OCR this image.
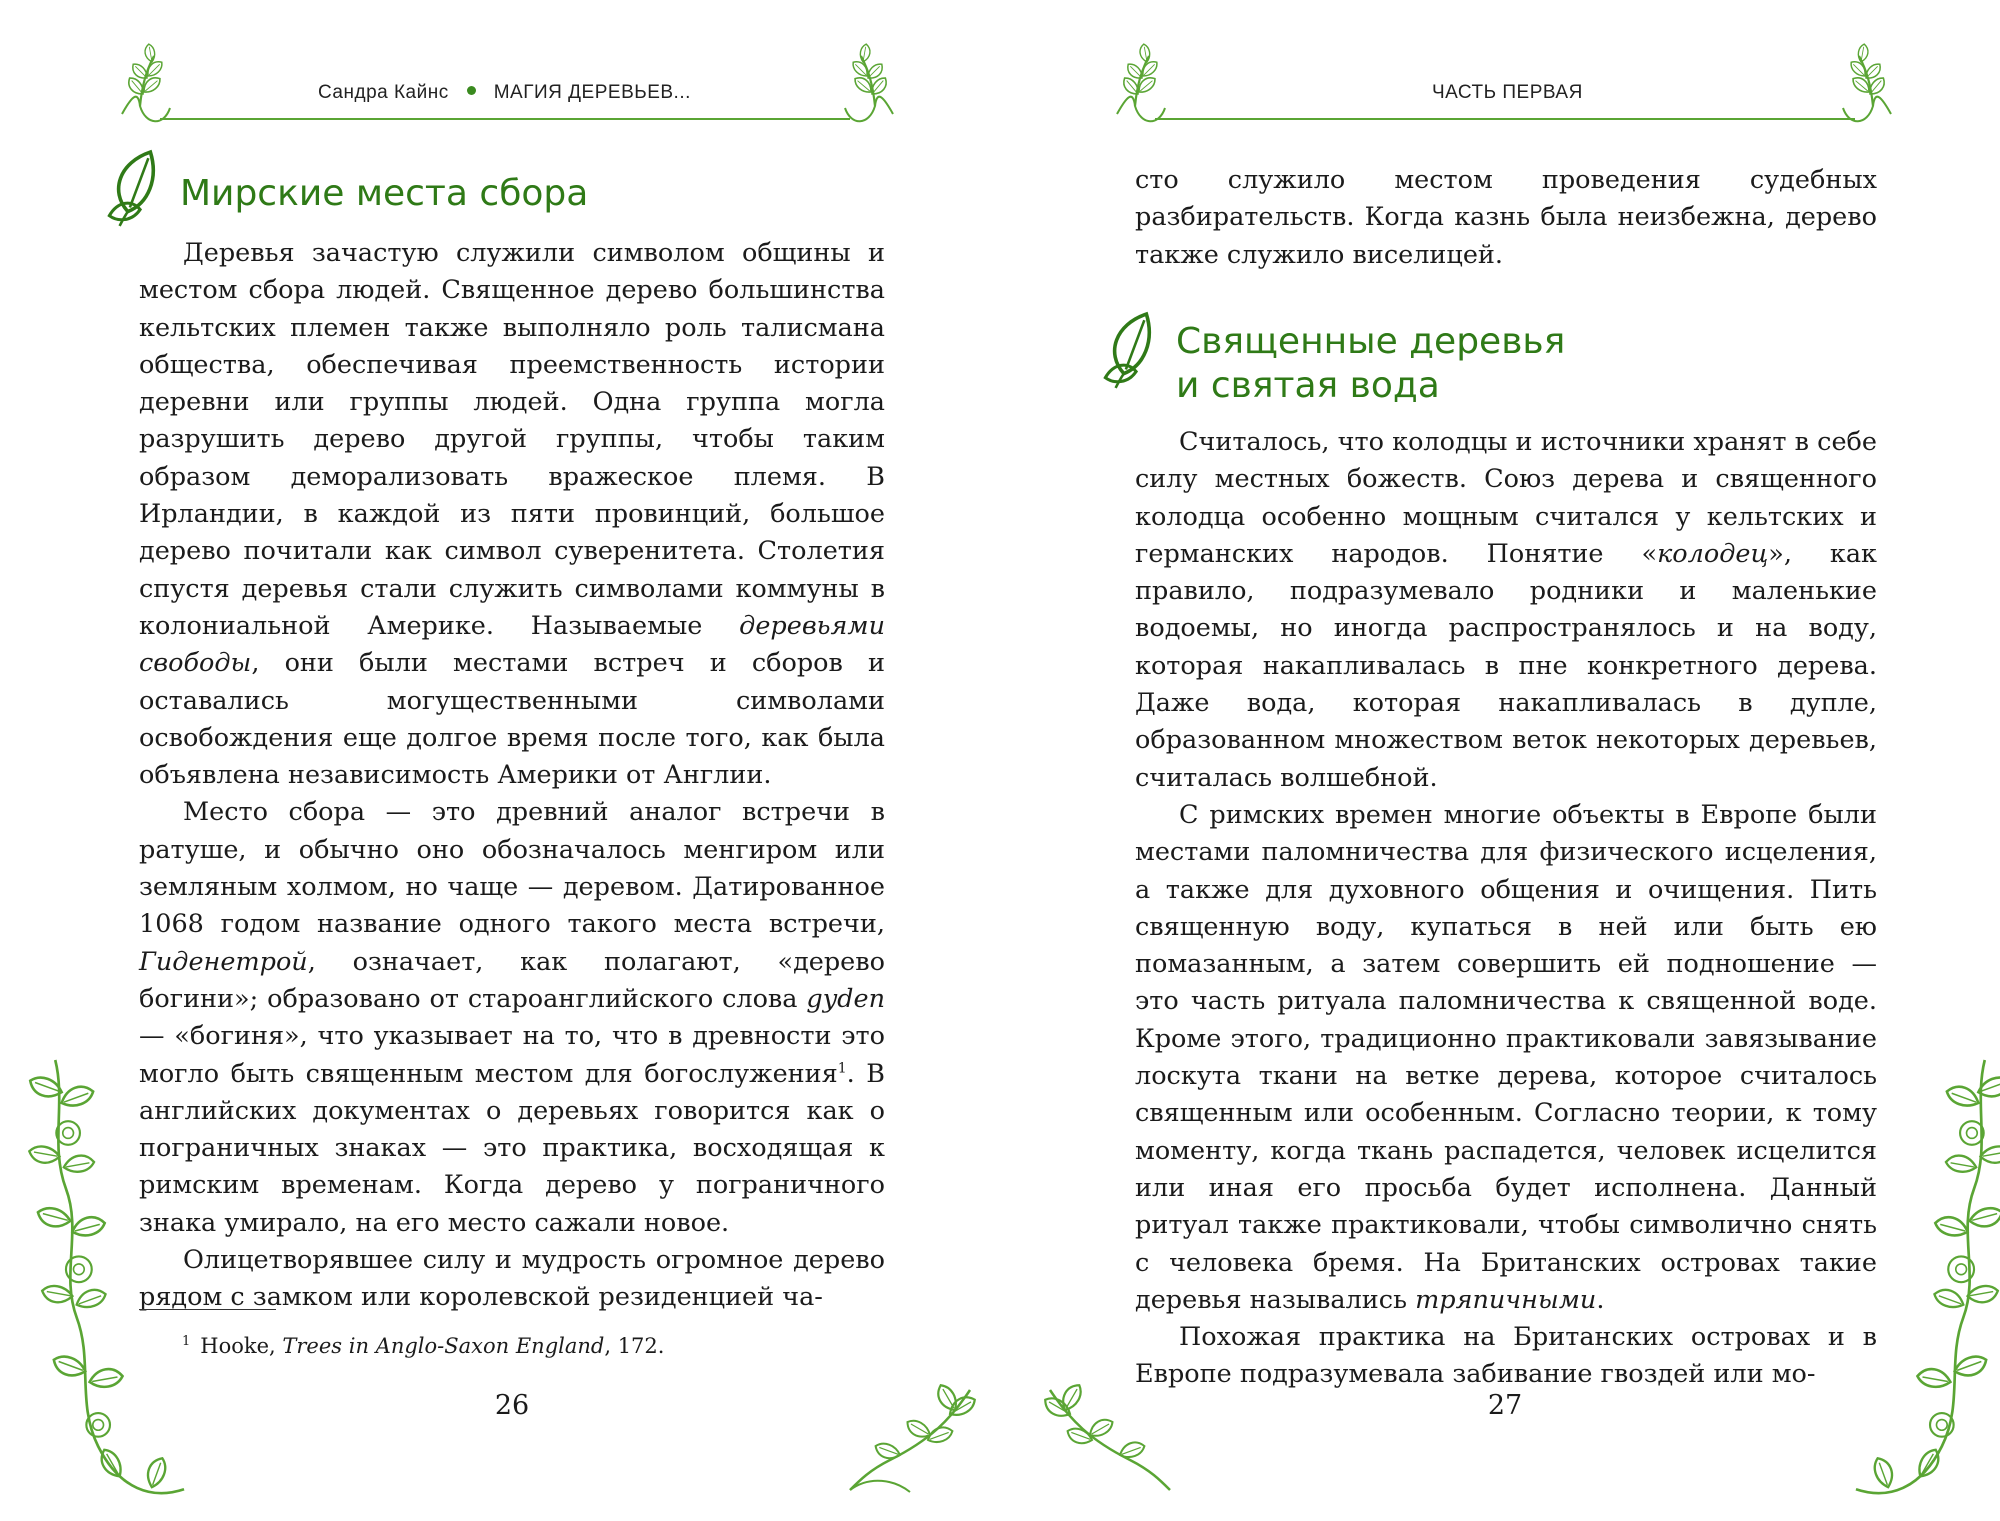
Сандра Кайнс МАГИЯ ДЕРЕВЬЕВ...
Мирские места сбора

Деревья зачастую служили символом общины и местом сбора людей. Священное дерево большинства кельтских племен также выполняло роль талисмана общества, обеспечивая преемственность истории деревни или группы людей. Одна группа могла разрушить дерево другой группы, чтобы таким образом деморализовать вражеское племя. В Ирландии, в каждой из пяти провинций, большое дерево почитали как символ суверенитета. Столетия спустя деревья стали служить символами коммуны в колониальной Америке. Называемые деревьями свободы, они были местами встреч и сборов и оставались могущественными символами освобождения еще долгое время после того, как была объявлена независимость Америки от Англии.

Место сбора — это древний аналог встречи в ратуше, и обычно оно обозначалось менгиром или земляным холмом, но чаще — деревом. Датированное 1068 годом название одного такого места встречи, Гиденетрой, означает, как полагают, «дерево богини»; образовано от староанглийского слова gyden — «богиня», что указывает на то, что в древности это могло быть священным местом для богослужения$^1$. В английских документах о деревьях говорится как о пограничных знаках — это практика, восходящая к римским временам. Когда дерево у пограничного знака умирало, на его место сажали новое.

Олицетворявшее силу и мудрость огромное дерево рядом с замком или королевской резиденцией ча-

$^1$ Hooke, Trees in Anglo-Saxon England, 172.
26
ЧАСТЬ ПЕРВАЯ

сто служило местом проведения судебных разбирательств. Когда казнь была неизбежна, дерево также служило виселицей.

Священные деревья
и святая вода

Считалось, что колодцы и источники хранят в себе силу местных божеств. Союз дерева и священного колодца особенно мощным считался у кельтских и германских народов. Понятие «колодец», как правило, подразумевало родники и маленькие водоемы, но иногда распространялось и на воду, которая накапливалась в пне конкретного дерева. Даже вода, которая накапливалась в дупле, образованном множеством веток некоторых деревьев, считалась волшебной.

С римских времен многие объекты в Европе были местами паломничества для физического исцеления, а также для духовного общения и очищения. Пить священную воду, купаться в ней или быть ею помазанным, а затем совершить ей подношение — это часть ритуала паломничества к священной воде. Кроме этого, традиционно практиковали завязывание лоскута ткани на ветке дерева, которое считалось священным или особенным. Согласно теории, к тому моменту, когда ткань распадется, человек исцелится или иная его просьба будет исполнена. Данный ритуал также практиковали, чтобы символично снять с человека бремя. На Британских островах такие деревья назывались тряпичными.

Похожая практика на Британских островах и в Европе подразумевала забивание гвоздей или мо-

27
